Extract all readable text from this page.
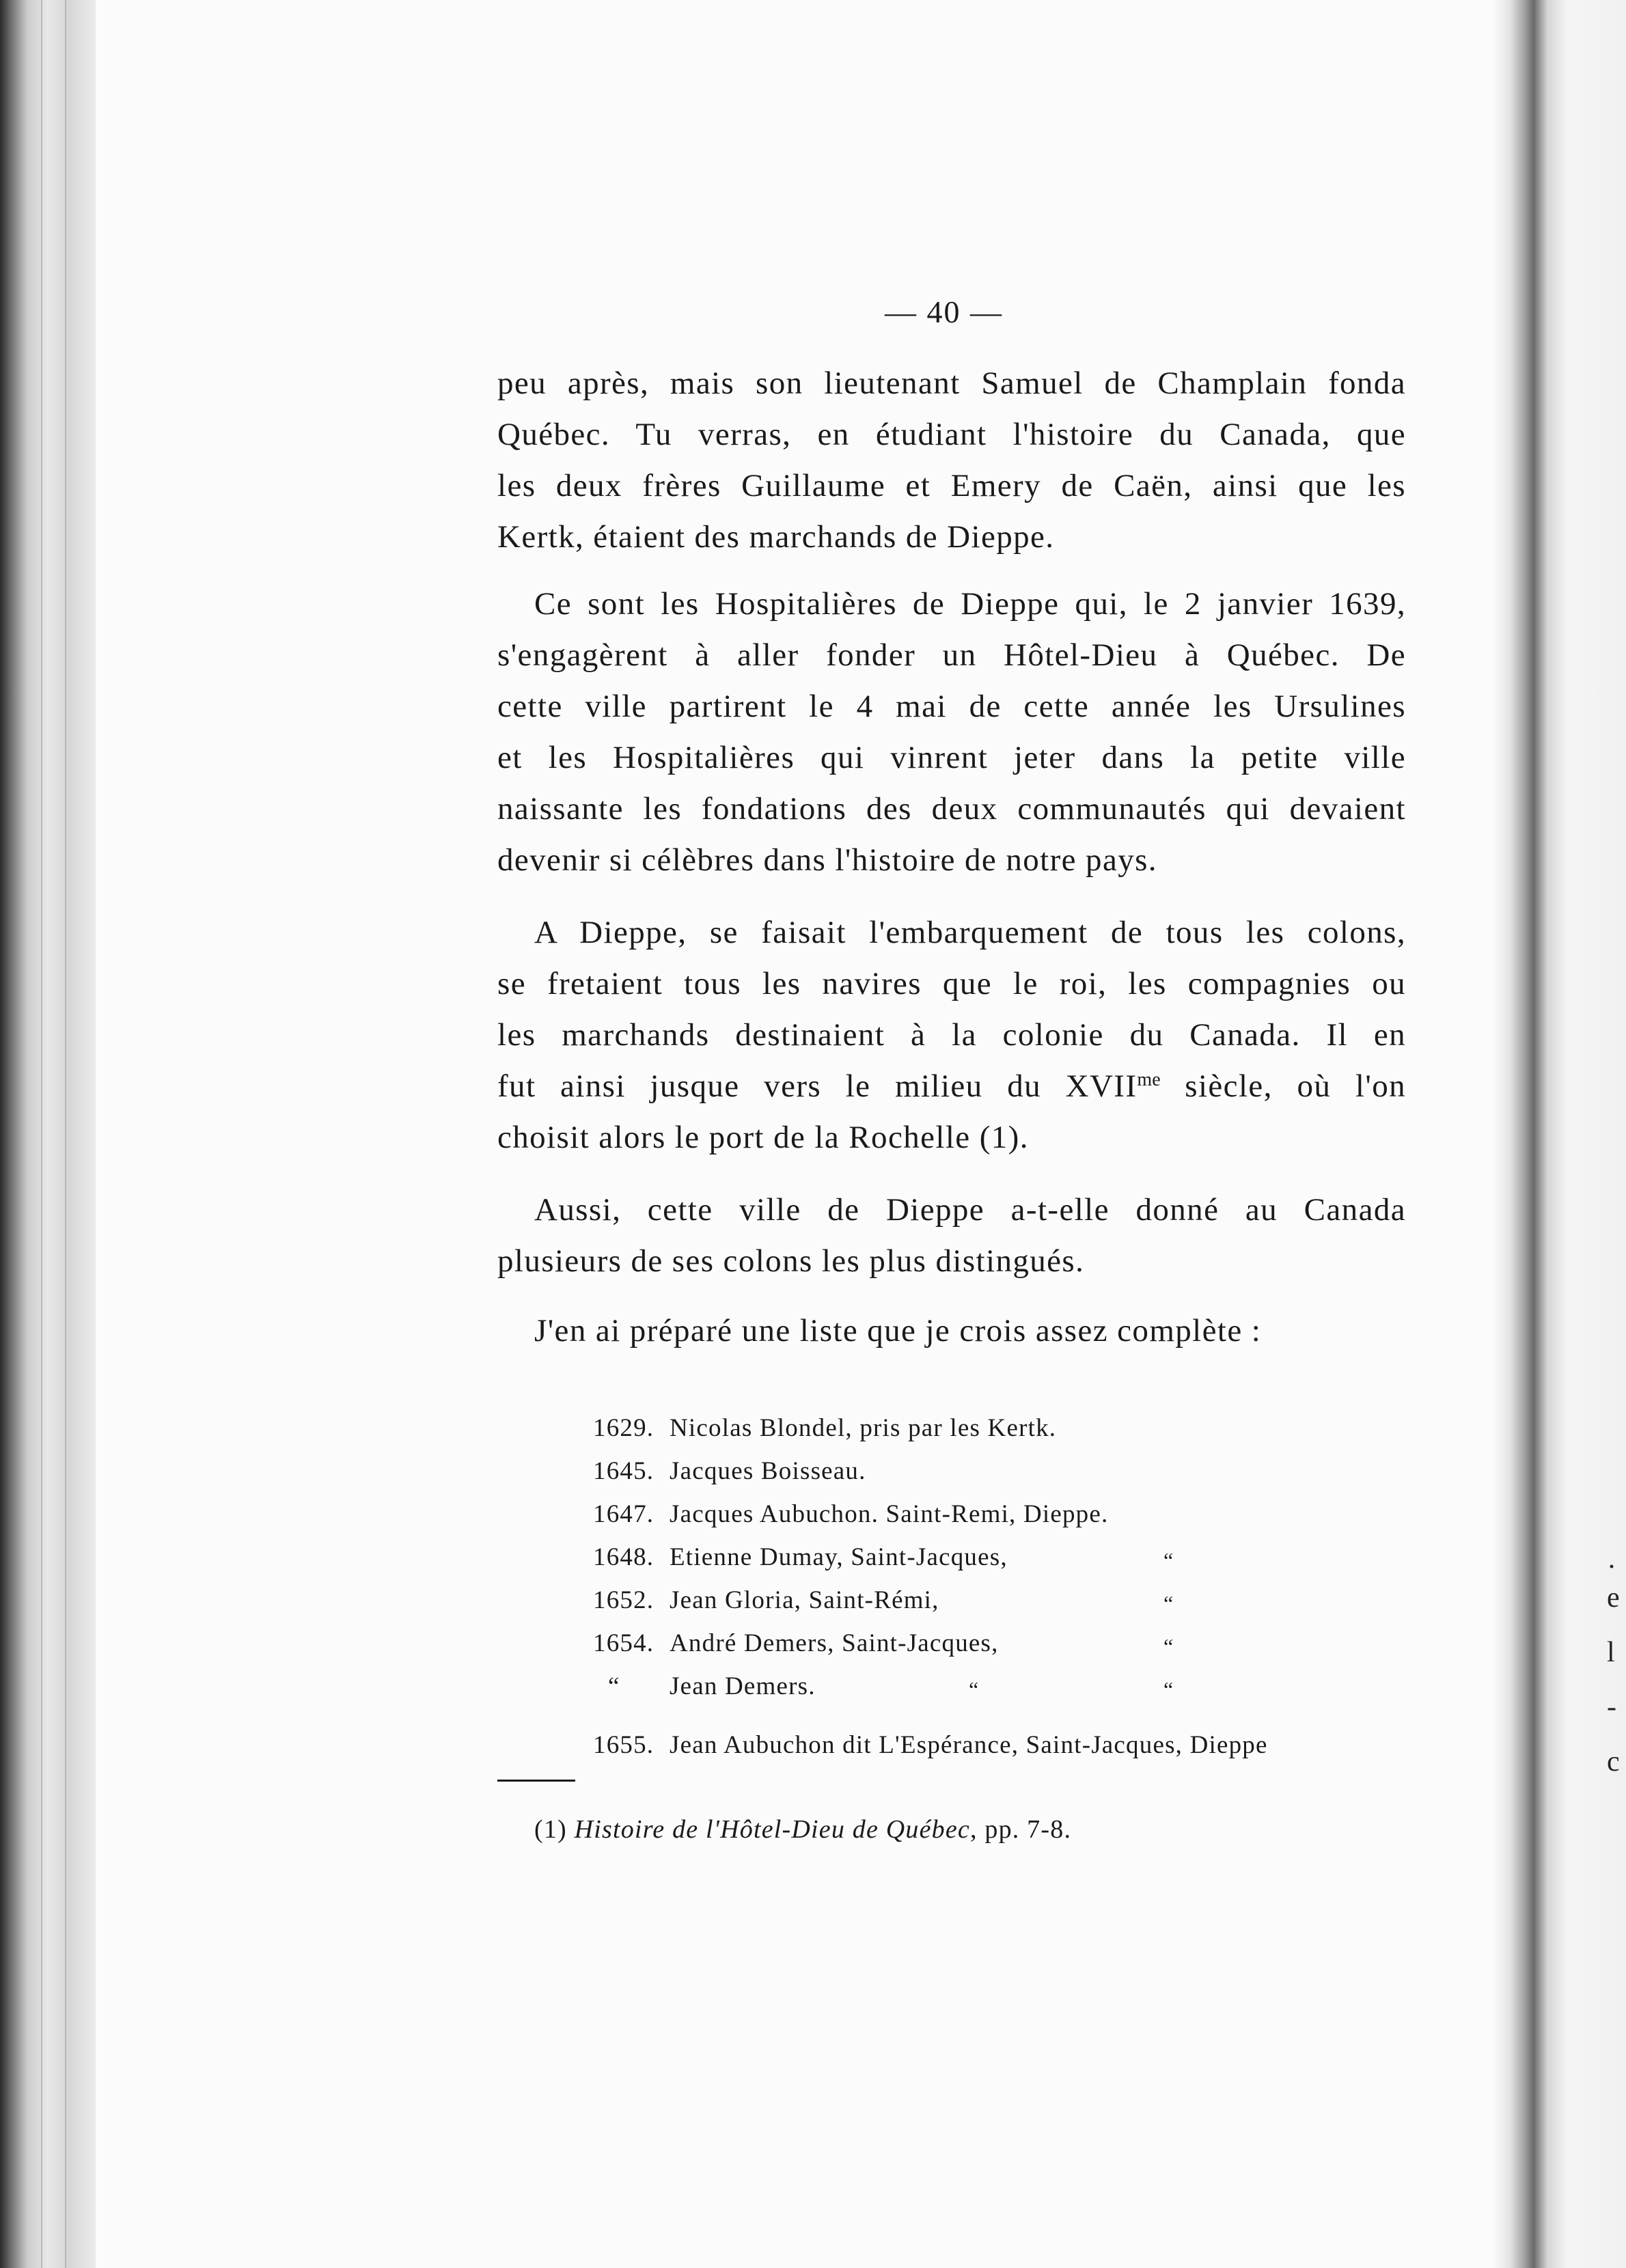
·
e
l
-
c
— 40 —
peu après, mais son lieutenant Samuel de Champlain fonda
Québec. Tu verras, en étudiant l'histoire du Canada, que
les deux frères Guillaume et Emery de Caën, ainsi que les
Kertk, étaient des marchands de Dieppe.
Ce sont les Hospitalières de Dieppe qui, le 2 janvier 1639,
s'engagèrent à aller fonder un Hôtel-Dieu à Québec. De
cette ville partirent le 4 mai de cette année les Ursulines
et les Hospitalières qui vinrent jeter dans la petite ville
naissante les fondations des deux communautés qui devaient
devenir si célèbres dans l'histoire de notre pays.
A Dieppe, se faisait l'embarquement de tous les colons,
se fretaient tous les navires que le roi, les compagnies ou
les marchands destinaient à la colonie du Canada. Il en
fut ainsi jusque vers le milieu du $XVII^{me}$ siècle, où l'on
choisit alors le port de la Rochelle (1).
Aussi, cette ville de Dieppe a-t-elle donné au Canada
plusieurs de ses colons les plus distingués.
J'en ai préparé une liste que je crois assez complète :
1629. Nicolas Blondel, pris par les Kertk.
1645. Jacques Boisseau.
1647. Jacques Aubuchon. Saint-Remi, Dieppe.
1648. Etienne Dumay, Saint-Jacques,
1652. Jean Gloria, Saint-Rémi,
1654. André Demers, Saint-Jacques,
“ Jean Demers.
1655. Jean Aubuchon dit L'Espérance, Saint-Jacques, Dieppe
“
“
“
“	“
(1) Histoire de l'Hôtel-Dieu de Québec, pp. 7-8.
